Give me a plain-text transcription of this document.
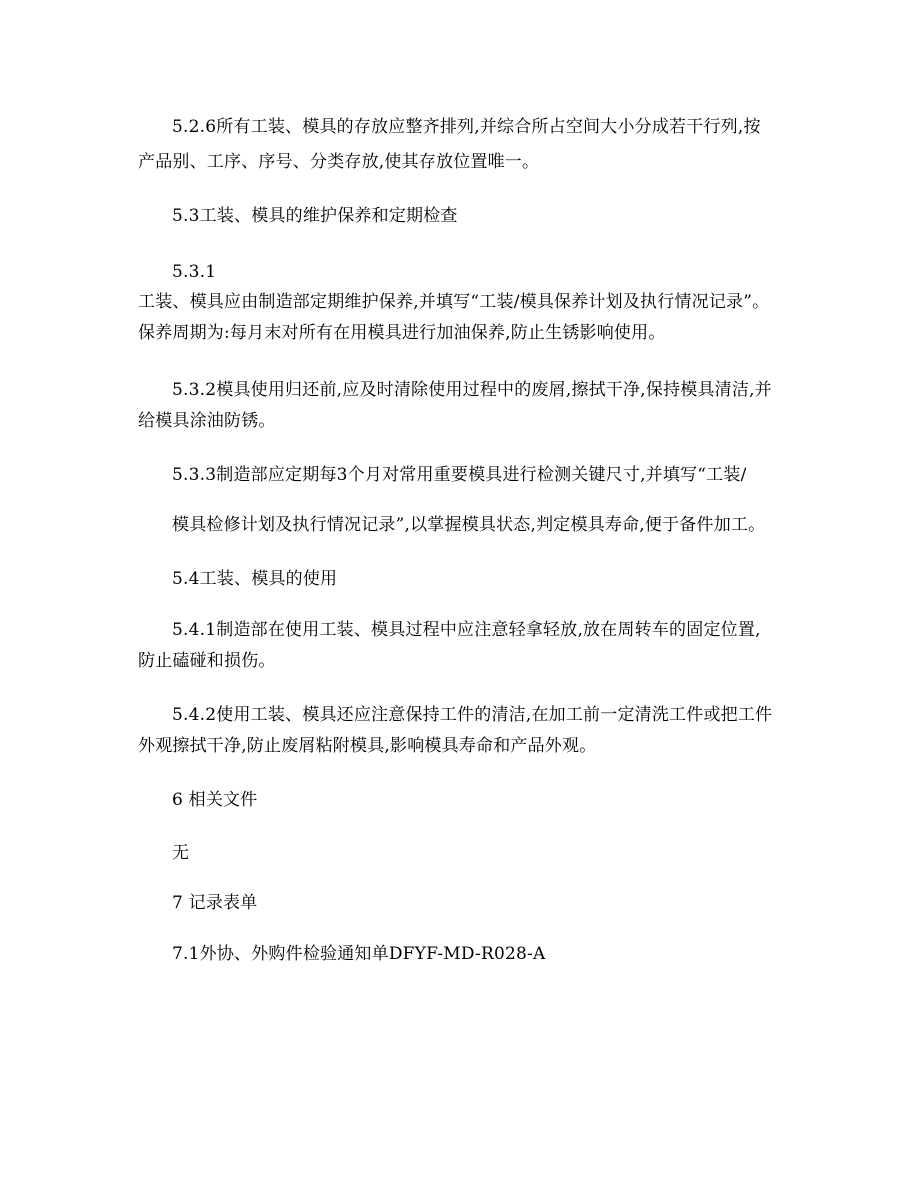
5.2.6所有工装、模具的存放应整齐排列,并综合所占空间大小分成若干行列,按
产品别、工序、序号、分类存放,使其存放位置唯一。
5.3工装、模具的维护保养和定期检查
5.3.1
工装、模具应由制造部定期维护保养,并填写“工装/模具保养计划及执行情况记录”。
保养周期为:每月末对所有在用模具进行加油保养,防止生锈影响使用。
5.3.2模具使用归还前,应及时清除使用过程中的废屑,擦拭干净,保持模具清洁,并
给模具涂油防锈。
5.3.3制造部应定期每3个月对常用重要模具进行检测关键尺寸,并填写“工装/
模具检修计划及执行情况记录”,以掌握模具状态,判定模具寿命,便于备件加工。
5.4工装、模具的使用
5.4.1制造部在使用工装、模具过程中应注意轻拿轻放,放在周转车的固定位置,
防止磕碰和损伤。
5.4.2使用工装、模具还应注意保持工件的清洁,在加工前一定清洗工件或把工件
外观擦拭干净,防止废屑粘附模具,影响模具寿命和产品外观。
6 相关文件
无
7 记录表单
7.1外协、外购件检验通知单DFYF-MD-R028-A
